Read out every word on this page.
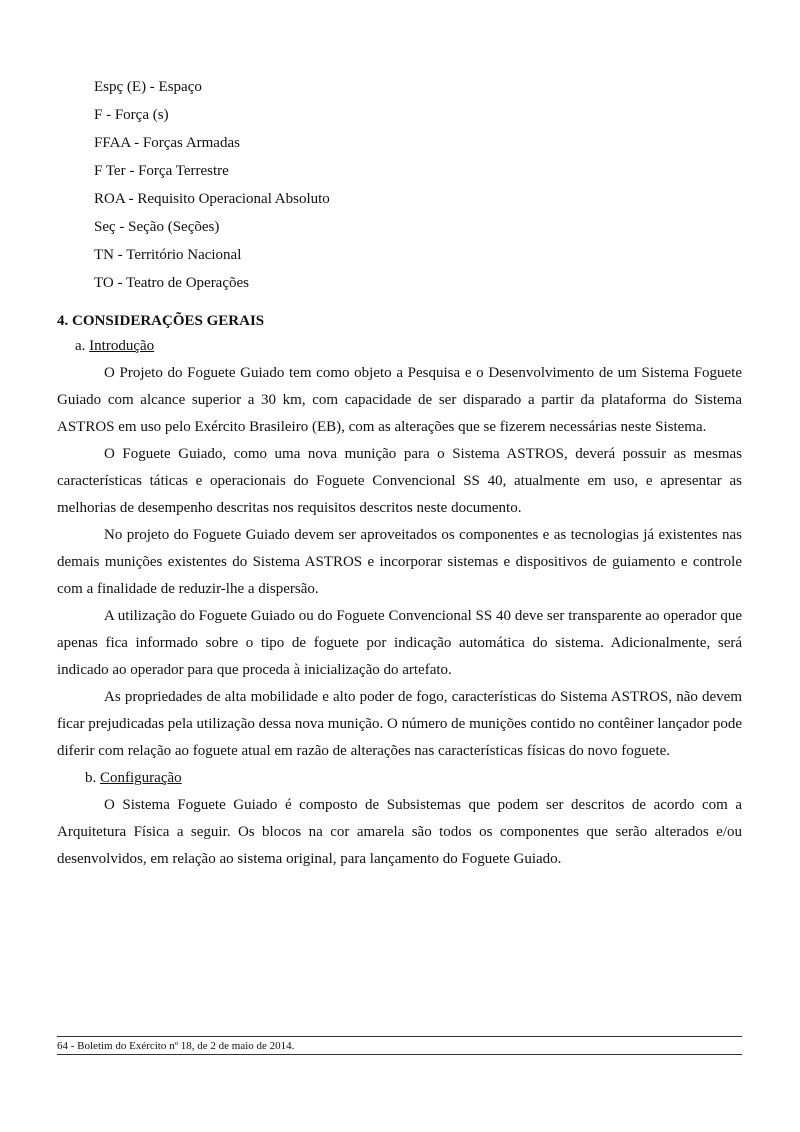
Espç (E) - Espaço
F - Força (s)
FFAA - Forças Armadas
F Ter - Força Terrestre
ROA - Requisito Operacional Absoluto
Seç - Seção (Seções)
TN - Território Nacional
TO - Teatro de Operações
4. CONSIDERAÇÕES GERAIS
a. Introdução

O Projeto do Foguete Guiado tem como objeto a Pesquisa e o Desenvolvimento de um Sistema Foguete Guiado com alcance superior a 30 km, com capacidade de ser disparado a partir da plataforma do Sistema ASTROS em uso pelo Exército Brasileiro (EB), com as alterações que se fizerem necessárias neste Sistema.

O Foguete Guiado, como uma nova munição para o Sistema ASTROS, deverá possuir as mesmas características táticas e operacionais do Foguete Convencional SS 40, atualmente em uso, e apresentar as melhorias de desempenho descritas nos requisitos descritos neste documento.

No projeto do Foguete Guiado devem ser aproveitados os componentes e as tecnologias já existentes nas demais munições existentes do Sistema ASTROS e incorporar sistemas e dispositivos de guiamento e controle com a finalidade de reduzir-lhe a dispersão.

A utilização do Foguete Guiado ou do Foguete Convencional SS 40 deve ser transparente ao operador que apenas fica informado sobre o tipo de foguete por indicação automática do sistema. Adicionalmente, será indicado ao operador para que proceda à inicialização do artefato.

As propriedades de alta mobilidade e alto poder de fogo, características do Sistema ASTROS, não devem ficar prejudicadas pela utilização dessa nova munição. O número de munições contido no contêiner lançador pode diferir com relação ao foguete atual em razão de alterações nas características físicas do novo foguete.

b. Configuração

O Sistema Foguete Guiado é composto de Subsistemas que podem ser descritos de acordo com a Arquitetura Física a seguir. Os blocos na cor amarela são todos os componentes que serão alterados e/ou desenvolvidos, em relação ao sistema original, para lançamento do Foguete Guiado.

64 - Boletim do Exército nº 18, de 2 de maio de 2014.
